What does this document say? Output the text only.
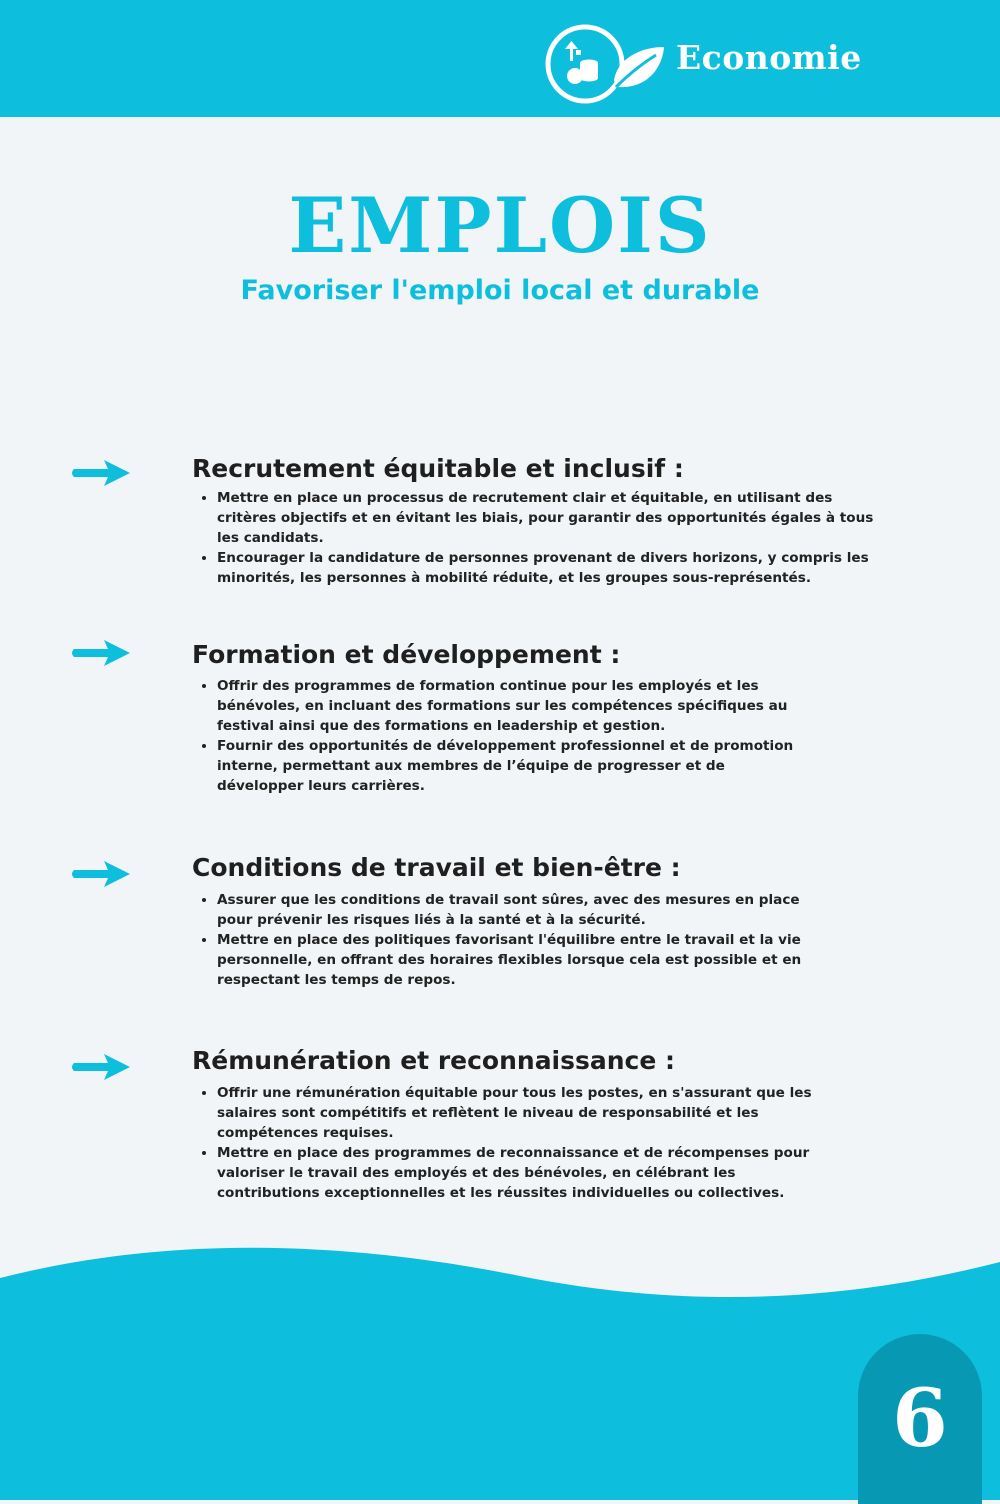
Economie
EMPLOIS
Favoriser l'emploi local et durable
Recrutement équitable et inclusif :
Mettre en place un processus de recrutement clair et équitable, en utilisant des critères objectifs et en évitant les biais, pour garantir des opportunités égales à tous les candidats.
Encourager la candidature de personnes provenant de divers horizons, y compris les minorités, les personnes à mobilité réduite, et les groupes sous-représentés.
Formation et développement :
Offrir des programmes de formation continue pour les employés et les bénévoles, en incluant des formations sur les compétences spécifiques au festival ainsi que des formations en leadership et gestion.
Fournir des opportunités de développement professionnel et de promotion interne, permettant aux membres de l’équipe de progresser et de développer leurs carrières.
Conditions de travail et bien-être :
Assurer que les conditions de travail sont sûres, avec des mesures en place pour prévenir les risques liés à la santé et à la sécurité.
Mettre en place des politiques favorisant l'équilibre entre le travail et la vie personnelle, en offrant des horaires flexibles lorsque cela est possible et en respectant les temps de repos.
Rémunération et reconnaissance :
Offrir une rémunération équitable pour tous les postes, en s'assurant que les salaires sont compétitifs et reflètent le niveau de responsabilité et les compétences requises.
Mettre en place des programmes de reconnaissance et de récompenses pour valoriser le travail des employés et des bénévoles, en célébrant les contributions exceptionnelles et les réussites individuelles ou collectives.
6
